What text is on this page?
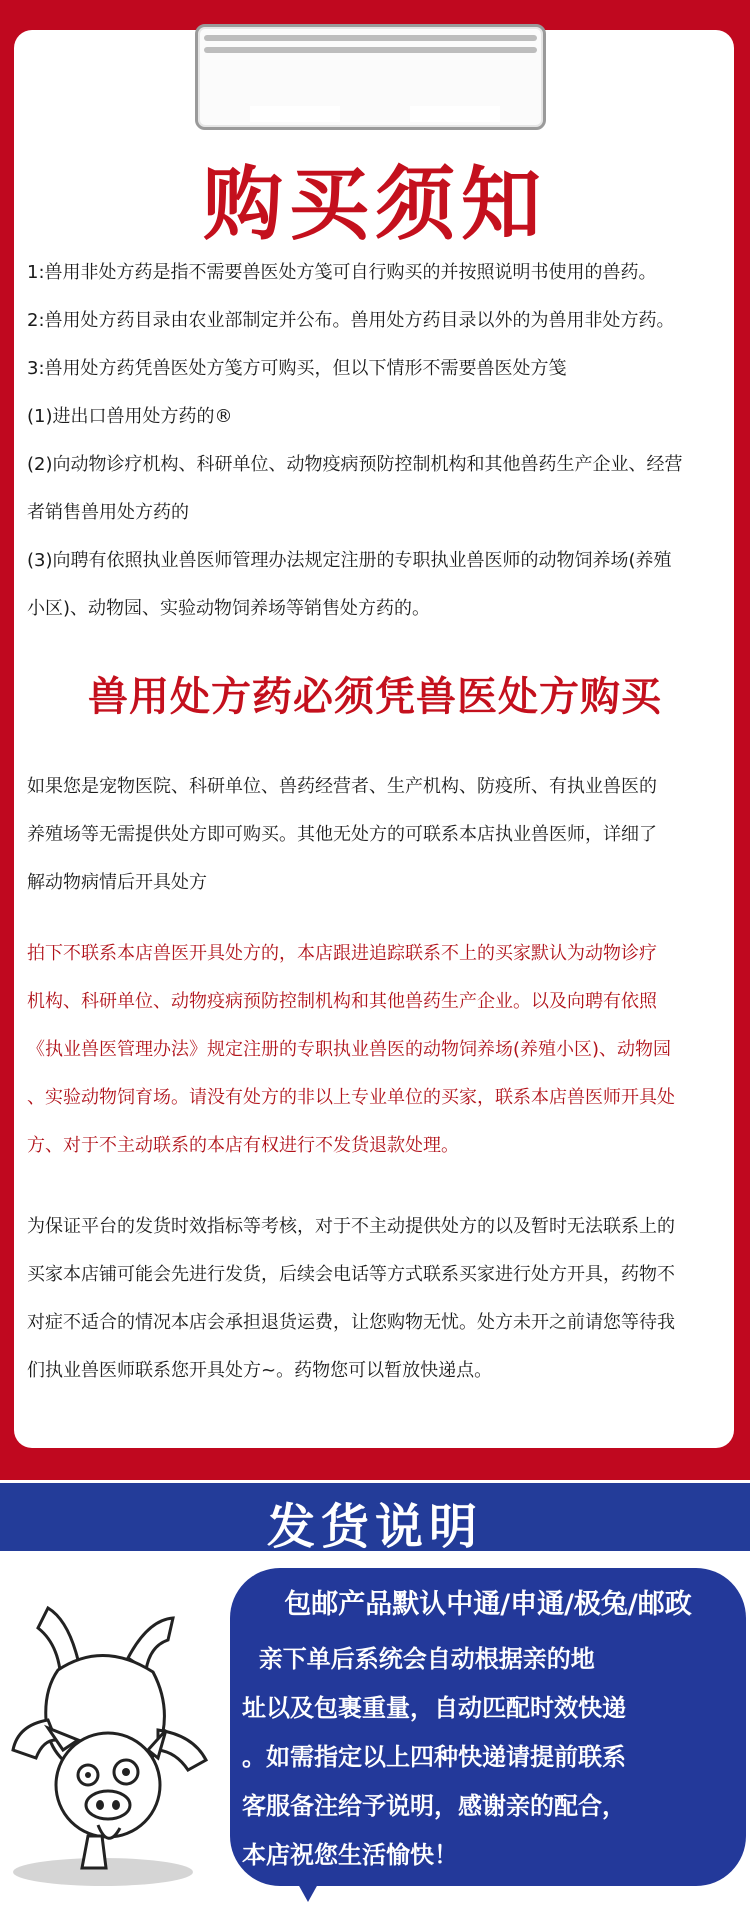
购买须知
1:兽用非处方药是指不需要兽医处方笺可自行购买的并按照说明书使用的兽药。
2:兽用处方药目录由农业部制定并公布。兽用处方药目录以外的为兽用非处方药。
3:兽用处方药凭兽医处方笺方可购买，但以下情形不需要兽医处方笺
(1)进出口兽用处方药的®
(2)向动物诊疗机构、科研单位、动物疫病预防控制机构和其他兽药生产企业、经营
者销售兽用处方药的
(3)向聘有依照执业兽医师管理办法规定注册的专职执业兽医师的动物饲养场(养殖
小区)、动物园、实验动物饲养场等销售处方药的。
兽用处方药必须凭兽医处方购买
如果您是宠物医院、科研单位、兽药经营者、生产机构、防疫所、有执业兽医的
养殖场等无需提供处方即可购买。其他无处方的可联系本店执业兽医师，详细了
解动物病情后开具处方
拍下不联系本店兽医开具处方的，本店跟进追踪联系不上的买家默认为动物诊疗
机构、科研单位、动物疫病预防控制机构和其他兽药生产企业。以及向聘有依照
《执业兽医管理办法》规定注册的专职执业兽医的动物饲养场(养殖小区)、动物园
、实验动物饲育场。请没有处方的非以上专业单位的买家，联系本店兽医师开具处
方、对于不主动联系的本店有权进行不发货退款处理。
为保证平台的发货时效指标等考核，对于不主动提供处方的以及暂时无法联系上的
买家本店铺可能会先进行发货，后续会电话等方式联系买家进行处方开具，药物不
对症不适合的情况本店会承担退货运费，让您购物无忧。处方未开之前请您等待我
们执业兽医师联系您开具处方~。药物您可以暂放快递点。
发货说明
包邮产品默认中通/申通/极兔/邮政
亲下单后系统会自动根据亲的地
址以及包裹重量，自动匹配时效快递
。如需指定以上四种快递请提前联系
客服备注给予说明，感谢亲的配合，
本店祝您生活愉快！
